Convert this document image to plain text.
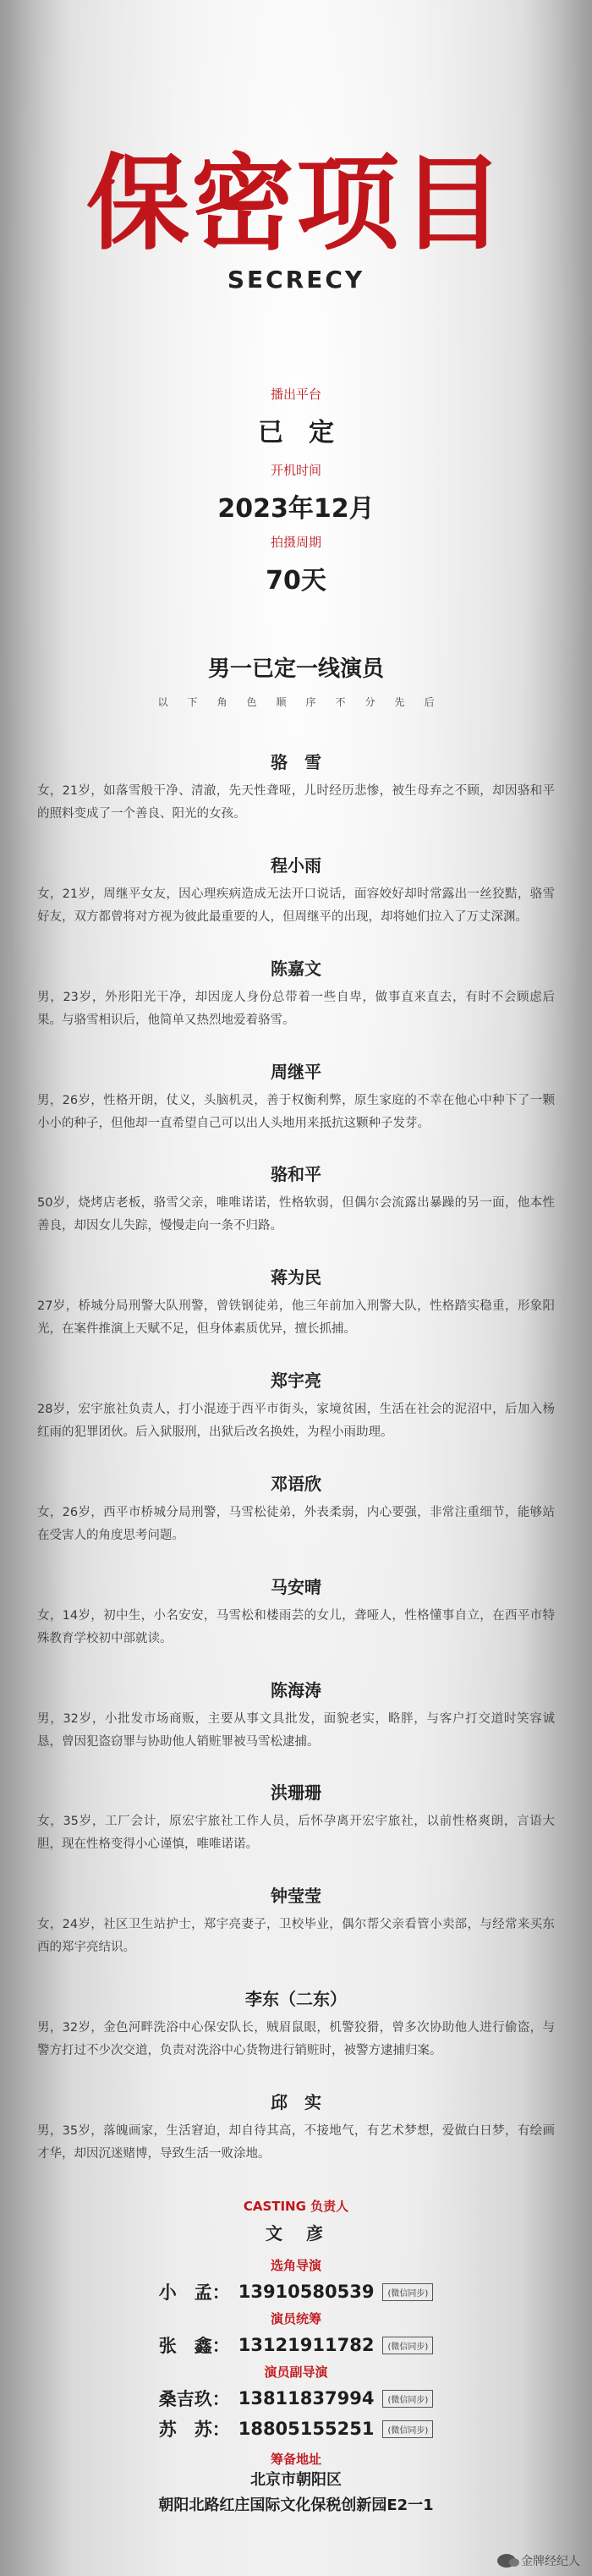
保密项目
SECRECY
播出平台
已　定
开机时间
2023年12月
拍摄周期
70天
男一已定一线演员
以下角色顺序不分先后
骆　雪
女，21岁，如落雪般干净、清澈，先天性聋哑，儿时经历悲惨，被生母弃之不顾，却因骆和平的照料变成了一个善良、阳光的女孩。
程小雨
女，21岁，周继平女友，因心理疾病造成无法开口说话，面容姣好却时常露出一丝狡黠，骆雪好友，双方都曾将对方视为彼此最重要的人，但周继平的出现，却将她们拉入了万丈深渊。
陈嘉文
男，23岁，外形阳光干净，却因庞人身份总带着一些自卑，做事直来直去，有时不会顾虑后果。与骆雪相识后，他简单又热烈地爱着骆雪。
周继平
男，26岁，性格开朗，仗义，头脑机灵，善于权衡利弊，原生家庭的不幸在他心中种下了一颗小小的种子，但他却一直希望自己可以出人头地用来抵抗这颗种子发芽。
骆和平
50岁，烧烤店老板，骆雪父亲，唯唯诺诺，性格软弱，但偶尔会流露出暴躁的另一面，他本性善良，却因女儿失踪，慢慢走向一条不归路。
蒋为民
27岁，桥城分局刑警大队刑警，曾铁钢徒弟，他三年前加入刑警大队，性格踏实稳重，形象阳光，在案件推演上天赋不足，但身体素质优异，擅长抓捕。
郑宇亮
28岁，宏宇旅社负责人，打小混迹于西平市街头，家境贫困，生活在社会的泥沼中，后加入杨红雨的犯罪团伙。后入狱服刑，出狱后改名换姓，为程小雨助理。
邓语欣
女，26岁，西平市桥城分局刑警，马雪松徒弟，外表柔弱，内心要强，非常注重细节，能够站在受害人的角度思考问题。
马安晴
女，14岁，初中生，小名安安，马雪松和楼雨芸的女儿，聋哑人，性格懂事自立，在西平市特殊教育学校初中部就读。
陈海涛
男，32岁，小批发市场商贩，主要从事文具批发，面貌老实，略胖，与客户打交道时笑容诚恳，曾因犯盗窃罪与协助他人销赃罪被马雪松逮捕。
洪珊珊
女，35岁，工厂会计，原宏宇旅社工作人员，后怀孕离开宏宇旅社，以前性格爽朗，言语大胆，现在性格变得小心谨慎，唯唯诺诺。
钟莹莹
女，24岁，社区卫生站护士，郑宇亮妻子，卫校毕业，偶尔帮父亲看管小卖部，与经常来买东西的郑宇亮结识。
李东（二东）
男，32岁，金色河畔洗浴中心保安队长，贼眉鼠眼，机警狡猾，曾多次协助他人进行偷盗，与警方打过不少次交道，负责对洗浴中心货物进行销赃时，被警方逮捕归案。
邱　实
男，35岁，落魄画家，生活窘迫，却自待其高，不接地气，有艺术梦想，爱做白日梦，有绘画才华，却因沉迷赌博，导致生活一败涂地。
金牌经纪人
CASTING 负责人
文　彦
选角导演
小　孟： 13910580539	(微信同步)
演员统筹
张　鑫： 13121911782	(微信同步)
演员副导演
桑吉玖： 13811837994	(微信同步)
苏　苏： 18805155251	(微信同步)
筹备地址
北京市朝阳区
朝阳北路红庄国际文化保税创新园E2一1
